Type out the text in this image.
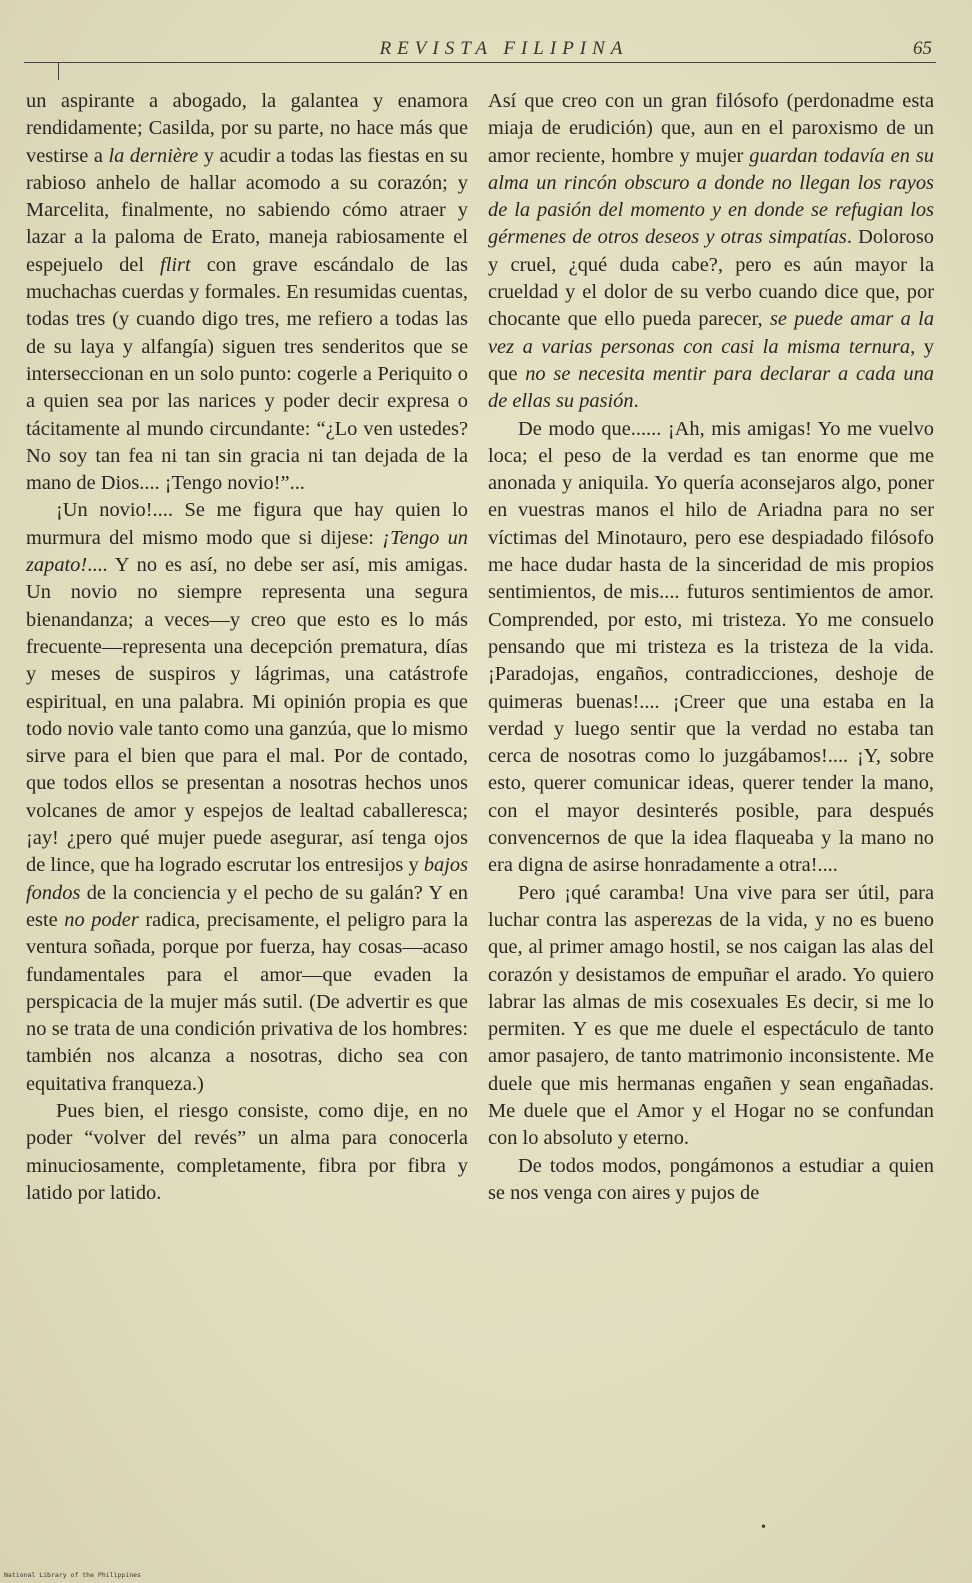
REVISTA FILIPINA	65

un aspirante a abogado, la galantea y enamora rendidamente; Casilda, por su parte, no hace más que vestirse a la dernière y acudir a todas las fiestas en su rabioso anhelo de hallar acomodo a su corazón; y Marcelita, finalmente, no sabiendo cómo atraer y lazar a la paloma de Erato, maneja rabiosamente el espejuelo del flirt con grave escándalo de las muchachas cuerdas y formales. En resumidas cuentas, todas tres (y cuando digo tres, me refiero a todas las de su laya y alfangía) siguen tres senderitos que se interseccionan en un solo punto: cogerle a Periquito o a quien sea por las narices y poder decir expresa o tácitamente al mundo circundante: “¿Lo ven ustedes? No soy tan fea ni tan sin gracia ni tan dejada de la mano de Dios.... ¡Tengo novio!”...

¡Un novio!.... Se me figura que hay quien lo murmura del mismo modo que si dijese: ¡Tengo un zapato!.... Y no es así, no debe ser así, mis amigas. Un novio no siempre representa una segura bienandanza; a veces—y creo que esto es lo más frecuente—representa una decepción prematura, días y meses de suspiros y lágrimas, una catástrofe espiritual, en una palabra. Mi opinión propia es que todo novio vale tanto como una ganzúa, que lo mismo sirve para el bien que para el mal. Por de contado, que todos ellos se presentan a nosotras hechos unos volcanes de amor y espejos de lealtad caballeresca; ¡ay! ¿pero qué mujer puede asegurar, así tenga ojos de lince, que ha logrado escrutar los entresijos y bajos fondos de la conciencia y el pecho de su galán? Y en este no poder radica, precisamente, el peligro para la ventura soñada, porque por fuerza, hay cosas—acaso fundamentales para el amor—que evaden la perspicacia de la mujer más sutil. (De advertir es que no se trata de una condición privativa de los hombres: también nos alcanza a nosotras, dicho sea con equitativa franqueza.)

Pues bien, el riesgo consiste, como dije, en no poder “volver del revés” un alma para conocerla minuciosamente, completamente, fibra por fibra y latido por latido.

Así que creo con un gran filósofo (perdonadme esta miaja de erudición) que, aun en el paroxismo de un amor reciente, hombre y mujer guardan todavía en su alma un rincón obscuro a donde no llegan los rayos de la pasión del momento y en donde se refugian los gérmenes de otros deseos y otras simpatías. Doloroso y cruel, ¿qué duda cabe?, pero es aún mayor la crueldad y el dolor de su verbo cuando dice que, por chocante que ello pueda parecer, se puede amar a la vez a varias personas con casi la misma ternura, y que no se necesita mentir para declarar a cada una de ellas su pasión.

De modo que...... ¡Ah, mis amigas! Yo me vuelvo loca; el peso de la verdad es tan enorme que me anonada y aniquila. Yo quería aconsejaros algo, poner en vuestras manos el hilo de Ariadna para no ser víctimas del Minotauro, pero ese despiadado filósofo me hace dudar hasta de la sinceridad de mis propios sentimientos, de mis.... futuros sentimientos de amor. Comprended, por esto, mi tristeza. Yo me consuelo pensando que mi tristeza es la tristeza de la vida. ¡Paradojas, engaños, contradicciones, deshoje de quimeras buenas!.... ¡Creer que una estaba en la verdad y luego sentir que la verdad no estaba tan cerca de nosotras como lo juzgábamos!.... ¡Y, sobre esto, querer comunicar ideas, querer tender la mano, con el mayor desinterés posible, para después convencernos de que la idea flaqueaba y la mano no era digna de asirse honradamente a otra!....

Pero ¡qué caramba! Una vive para ser útil, para luchar contra las asperezas de la vida, y no es bueno que, al primer amago hostil, se nos caigan las alas del corazón y desistamos de empuñar el arado. Yo quiero labrar las almas de mis cosexuales Es decir, si me lo permiten. Y es que me duele el espectáculo de tanto amor pasajero, de tanto matrimonio inconsistente. Me duele que mis hermanas engañen y sean engañadas. Me duele que el Amor y el Hogar no se confundan con lo absoluto y eterno.

De todos modos, pongámonos a estudiar a quien se nos venga con aires y pujos de

•
National Library of the Philippines
